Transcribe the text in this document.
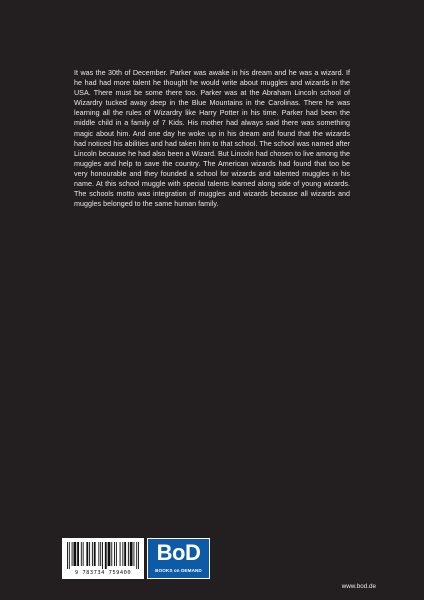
It was the 30th of December. Parker was awake in his dream and he was a wizard. If he had had more talent he thought he would write about muggles and wizards in the USA. There must be some there too. Parker was at the Abraham Lincoln school of Wizardry tucked away deep in the Blue Mountains in the Carolinas. There he was learning all the rules of Wizardry like Harry Potter in his time. Parker had been the middle child in a family of 7 Kids. His mother had always said there was something magic about him. And one day he woke up in his dream and found that the wizards had noticed his abilities and had taken him to that school. The school was named after Lincoln because he had also been a Wizard. But Lincoln had chosen to live among the muggles and help to save the country. The American wizards had found that too be very honourable and they founded a school for wizards and talented muggles in his name. At this school muggle with special talents learned along side of young wizards. The schools motto was integration of muggles and wizards because all wizards and muggles belonged to the same human family.

9 783734 759400
BoD
BOOKS on DEMAND
www.bod.de
